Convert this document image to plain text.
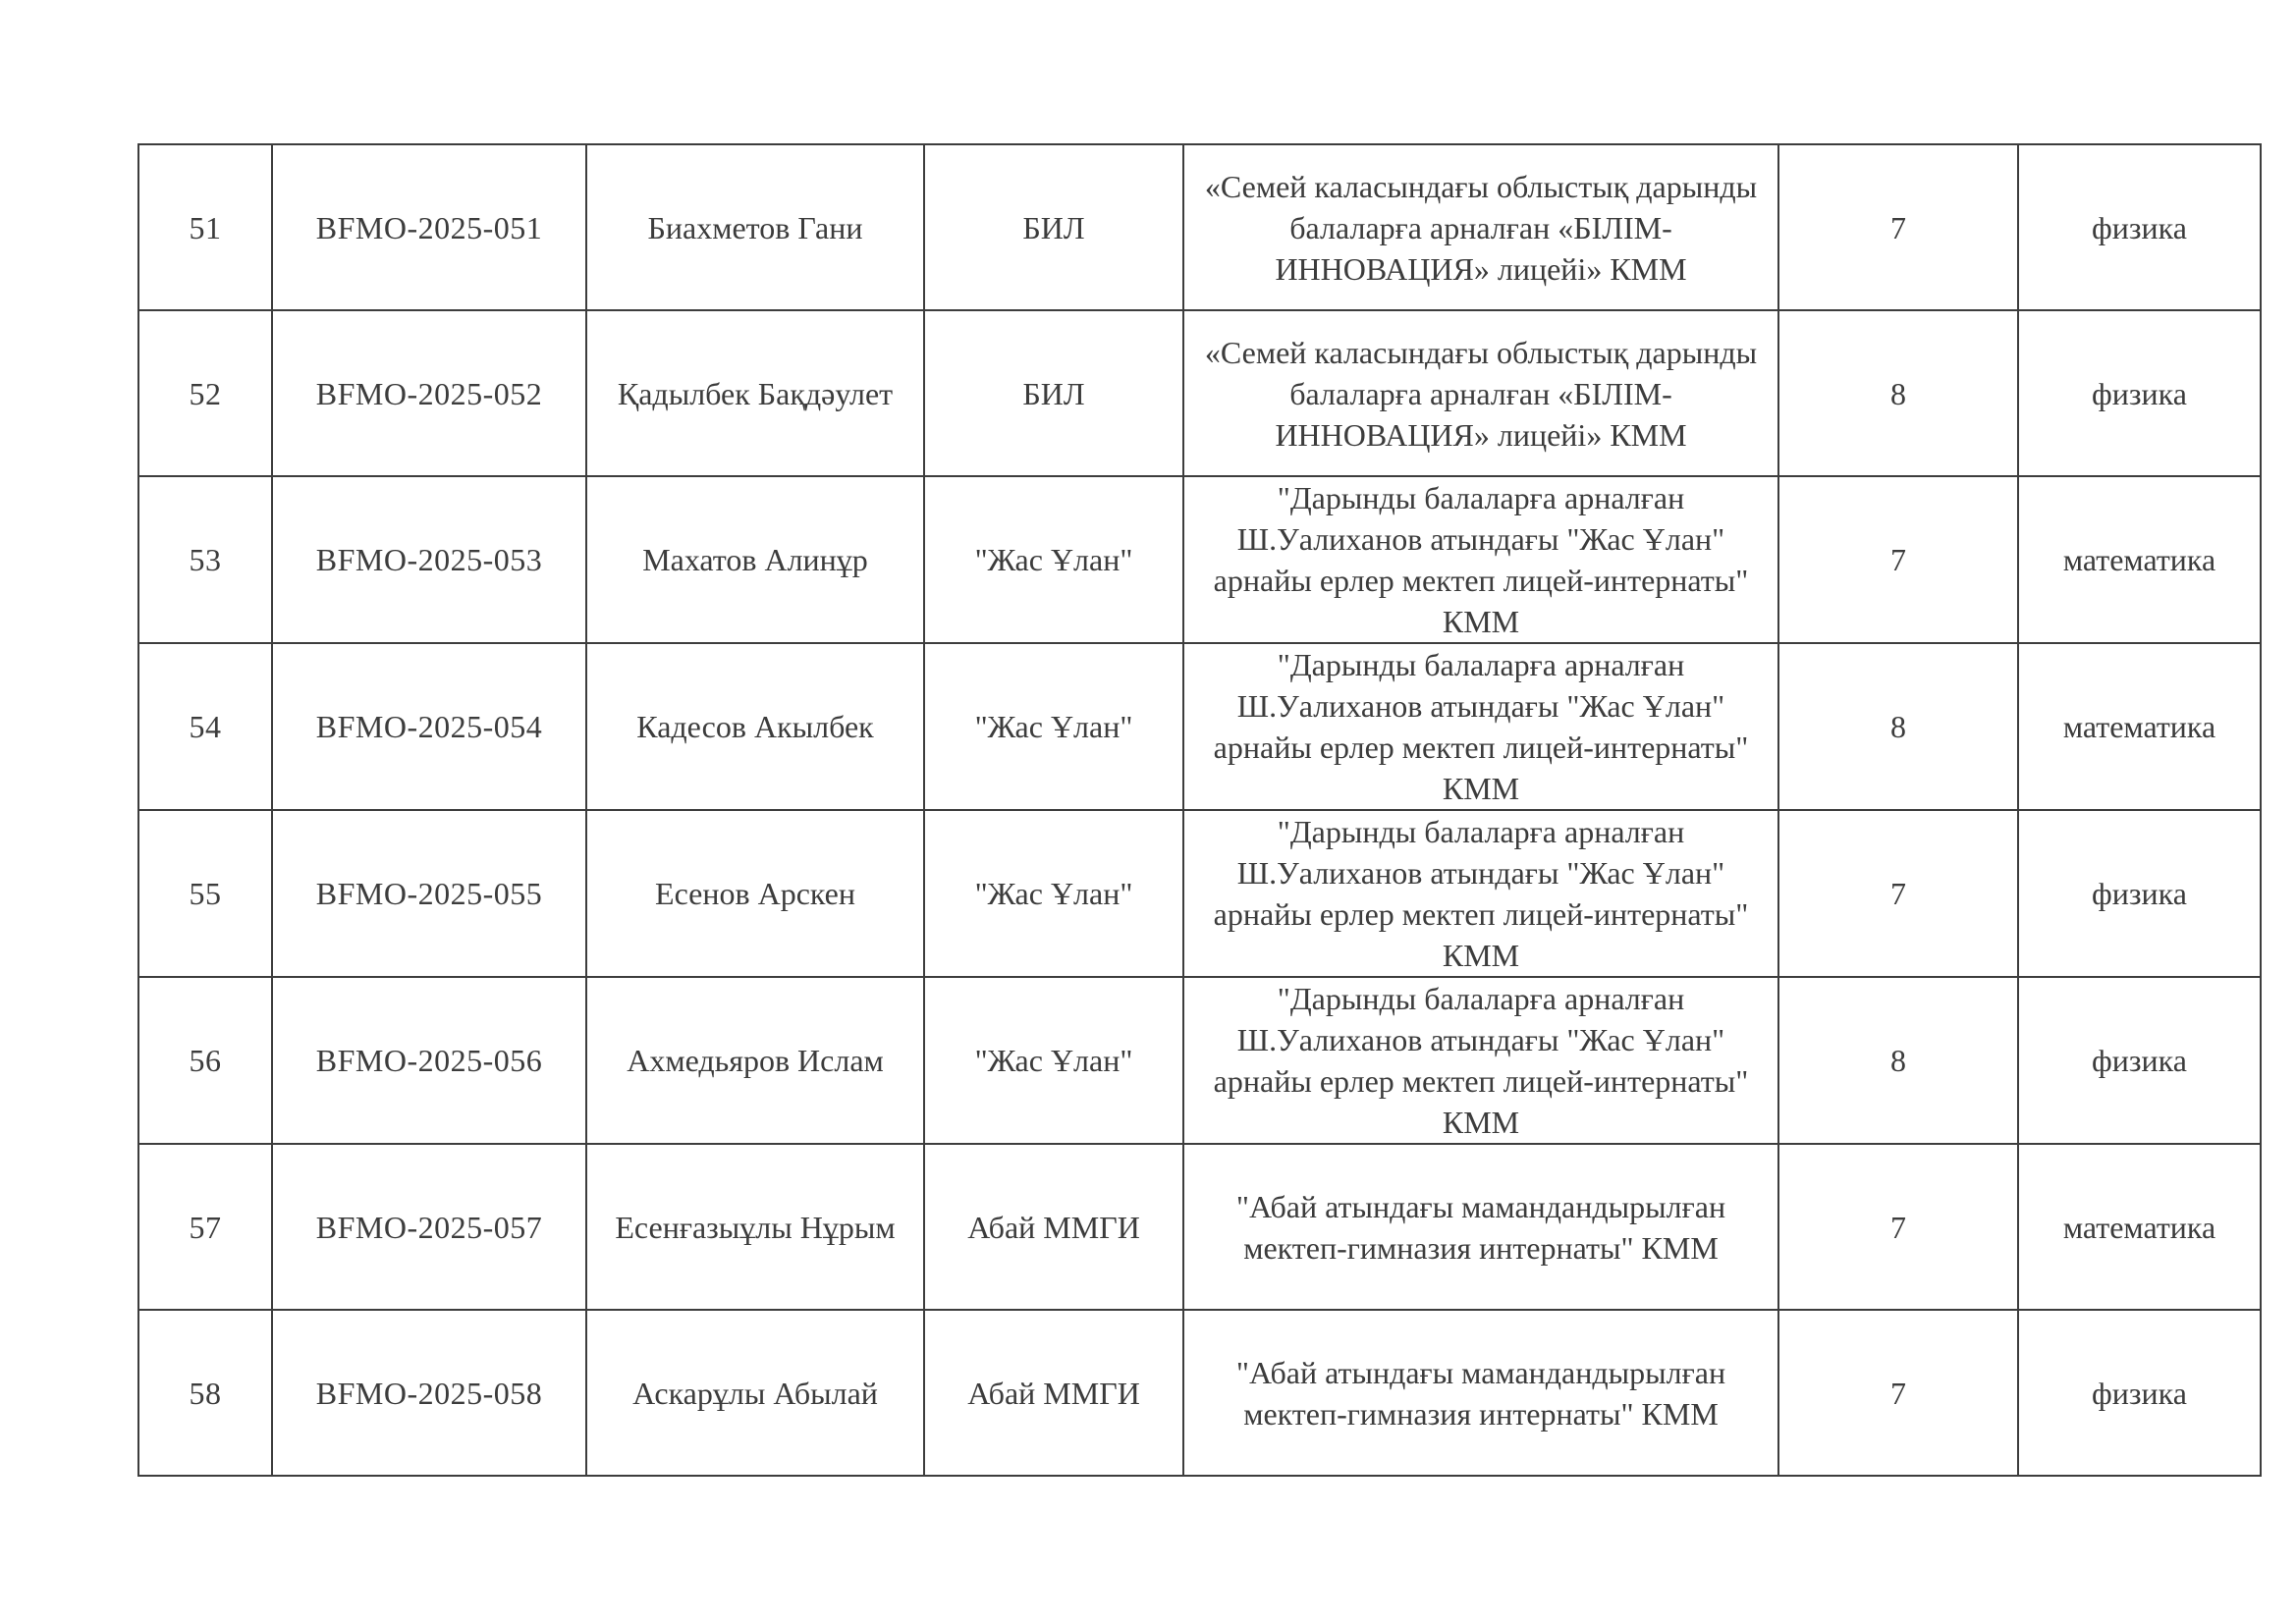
51	BFMO-2025-051	Биахметов Гани	БИЛ	«Семей каласындағы облыстық дарынды балаларға арналған «БІЛІМ-ИННОВАЦИЯ» лицейі» КММ	7	физика
52	BFMO-2025-052	Қадылбек Бақдәулет	БИЛ	«Семей каласындағы облыстық дарынды балаларға арналған «БІЛІМ-ИННОВАЦИЯ» лицейі» КММ	8	физика
53	BFMO-2025-053	Махатов Алинұр	"Жас Ұлан"	"Дарынды балаларға арналған Ш.Уалиханов атындағы "Жас Ұлан" арнайы ерлер мектеп лицей-интернаты" КММ	7	математика
54	BFMO-2025-054	Кадесов Акылбек	"Жас Ұлан"	"Дарынды балаларға арналған Ш.Уалиханов атындағы "Жас Ұлан" арнайы ерлер мектеп лицей-интернаты" КММ	8	математика
55	BFMO-2025-055	Есенов Арскен	"Жас Ұлан"	"Дарынды балаларға арналған Ш.Уалиханов атындағы "Жас Ұлан" арнайы ерлер мектеп лицей-интернаты" КММ	7	физика
56	BFMO-2025-056	Ахмедьяров Ислам	"Жас Ұлан"	"Дарынды балаларға арналған Ш.Уалиханов атындағы "Жас Ұлан" арнайы ерлер мектеп лицей-интернаты" КММ	8	физика
57	BFMO-2025-057	Есенғазыұлы Нұрым	Абай ММГИ	"Абай атындағы мамандандырылған мектеп-гимназия интернаты" КММ	7	математика
58	BFMO-2025-058	Аскарұлы Абылай	Абай ММГИ	"Абай атындағы мамандандырылған мектеп-гимназия интернаты" КММ	7	физика
